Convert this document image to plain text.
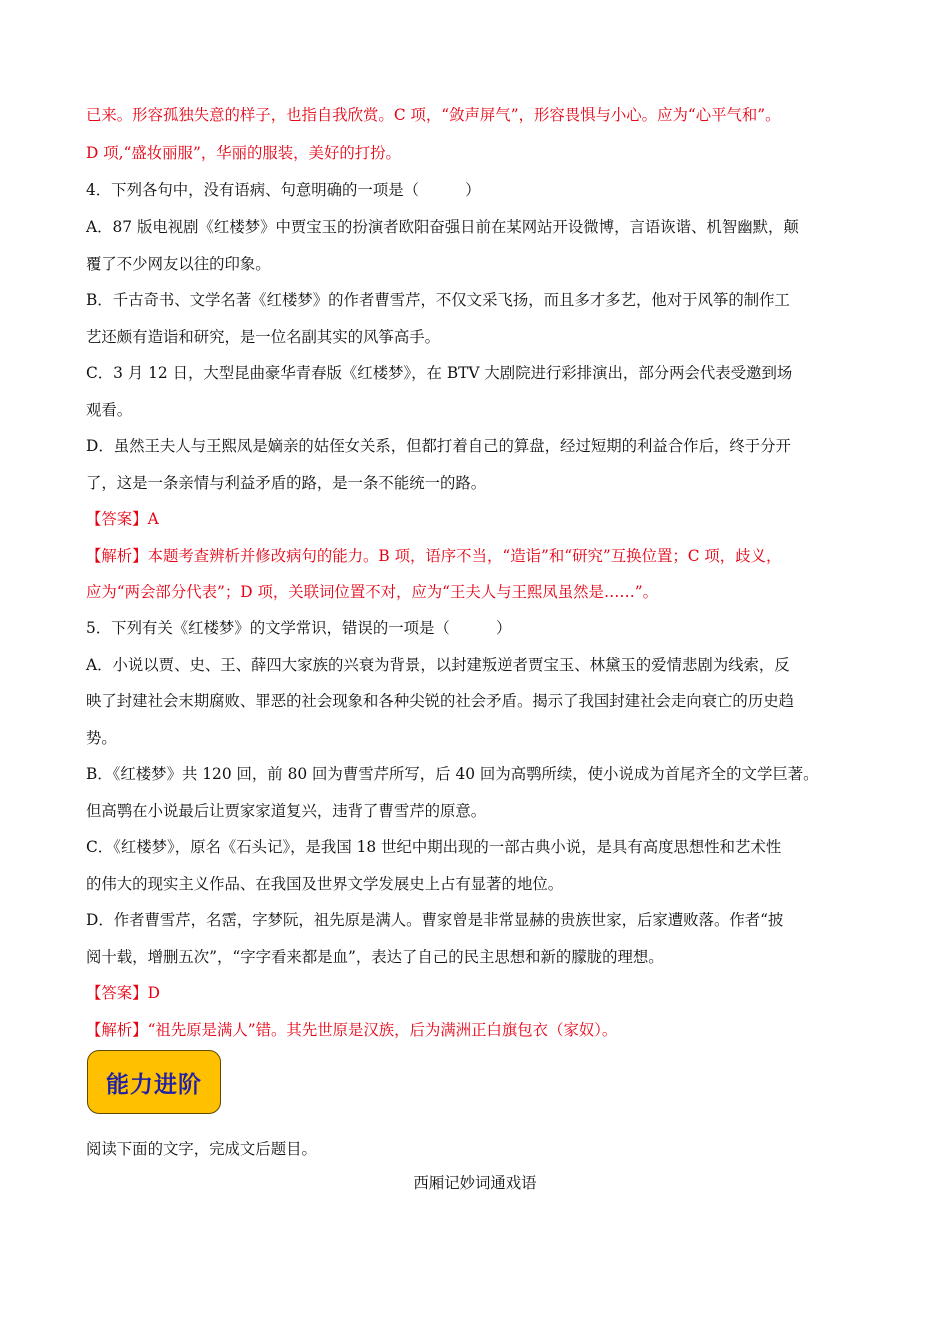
已来。形容孤独失意的样子，也指自我欣赏。C 项，“敛声屏气”，形容畏惧与小心。应为“心平气和”。
D 项,“盛妆丽服”，华丽的服装，美好的打扮。
4．下列各句中，没有语病、句意明确的一项是（　　　）
A．87 版电视剧《红楼梦》中贾宝玉的扮演者欧阳奋强日前在某网站开设微博，言语诙谐、机智幽默，颠
覆了不少网友以往的印象。
B．千古奇书、文学名著《红楼梦》的作者曹雪芹，不仅文采飞扬，而且多才多艺，他对于风筝的制作工
艺还颇有造诣和研究，是一位名副其实的风筝高手。
C．3 月 12 日，大型昆曲豪华青春版《红楼梦》，在 BTV 大剧院进行彩排演出，部分两会代表受邀到场
观看。
D．虽然王夫人与王熙凤是嫡亲的姑侄女关系，但都打着自己的算盘，经过短期的利益合作后，终于分开
了，这是一条亲情与利益矛盾的路，是一条不能统一的路。
【答案】A
【解析】本题考查辨析并修改病句的能力。B 项，语序不当，“造诣”和“研究”互换位置；C 项，歧义，
应为“两会部分代表”；D 项，关联词位置不对，应为“王夫人与王熙凤虽然是……”。
5．下列有关《红楼梦》的文学常识，错误的一项是（　　　）
A．小说以贾、史、王、薛四大家族的兴衰为背景，以封建叛逆者贾宝玉、林黛玉的爱情悲剧为线索，反
映了封建社会末期腐败、罪恶的社会现象和各种尖锐的社会矛盾。揭示了我国封建社会走向衰亡的历史趋
势。
B．《红楼梦》共 120 回，前 80 回为曹雪芹所写，后 40 回为高鹗所续，使小说成为首尾齐全的文学巨著。
但高鹗在小说最后让贾家家道复兴，违背了曹雪芹的原意。
C．《红楼梦》，原名《石头记》，是我国 18 世纪中期出现的一部古典小说，是具有高度思想性和艺术性
的伟大的现实主义作品、在我国及世界文学发展史上占有显著的地位。
D．作者曹雪芹，名霑，字梦阮，祖先原是满人。曹家曾是非常显赫的贵族世家，后家遭败落。作者“披
阅十载，增删五次”，“字字看来都是血”，表达了自己的民主思想和新的朦胧的理想。
【答案】D
【解析】“祖先原是满人”错。其先世原是汉族，后为满洲正白旗包衣（家奴）。
能力进阶
阅读下面的文字，完成文后题目。
西厢记妙词通戏语
